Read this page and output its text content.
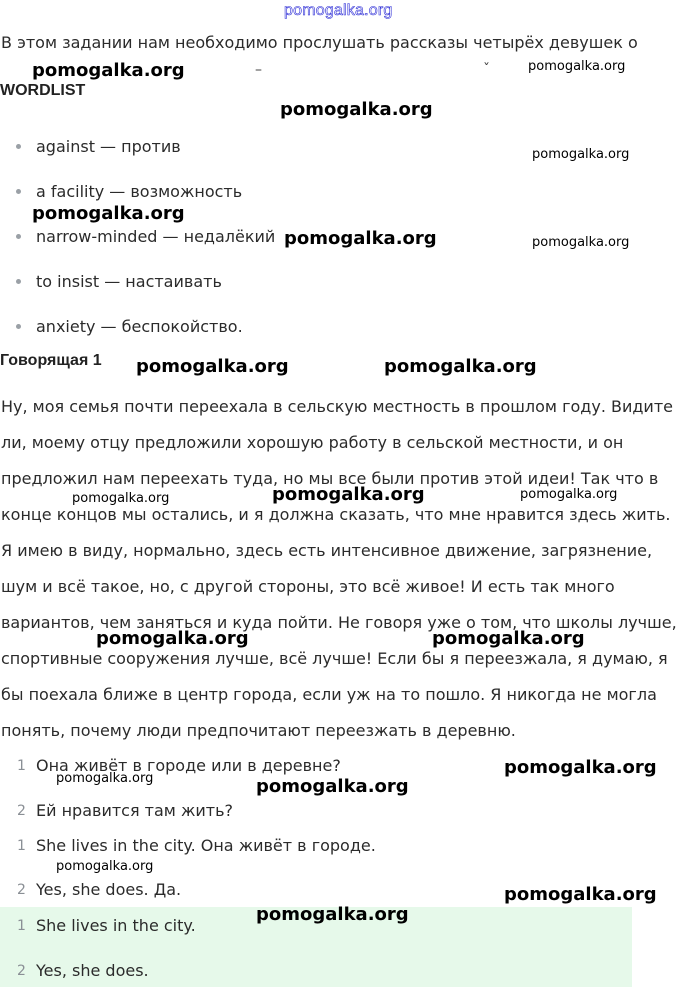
pomogalka.org
В этом задании нам необходимо прослушать рассказы четырёх девушек о
–	ˇ
WORDLIST
against — против
a facility — возможность
narrow-minded — недалёкий
to insist — настаивать
anxiety — беспокойство.
Говорящая 1
Ну, моя семья почти переехала в сельскую местность в прошлом году. Видите
ли, моему отцу предложили хорошую работу в сельской местности, и он
предложил нам переехать туда, но мы все были против этой идеи! Так что в
конце концов мы остались, и я должна сказать, что мне нравится здесь жить.
Я имею в виду, нормально, здесь есть интенсивное движение, загрязнение,
шум и всё такое, но, с другой стороны, это всё живое! И есть так много
вариантов, чем заняться и куда пойти. Не говоря уже о том, что школы лучше,
спортивные сооружения лучше, всё лучше! Если бы я переезжала, я думаю, я
бы поехала ближе в центр города, если уж на то пошло. Я никогда не могла
понять, почему люди предпочитают переезжать в деревню.
1 Она живёт в городе или в деревне?
2 Ей нравится там жить?
1 She lives in the city. Она живёт в городе.
2 Yes, she does. Да.
1 She lives in the city.
2 Yes, she does.
pomogalka.org	pomogalka.org
pomogalka.org
pomogalka.org
pomogalka.org
pomogalka.org	pomogalka.org
pomogalka.org	pomogalka.org
pomogalka.org	pomogalka.org	pomogalka.org
pomogalka.org	pomogalka.org
pomogalka.org
pomogalka.org
pomogalka.org
pomogalka.org
pomogalka.org
pomogalka.org
